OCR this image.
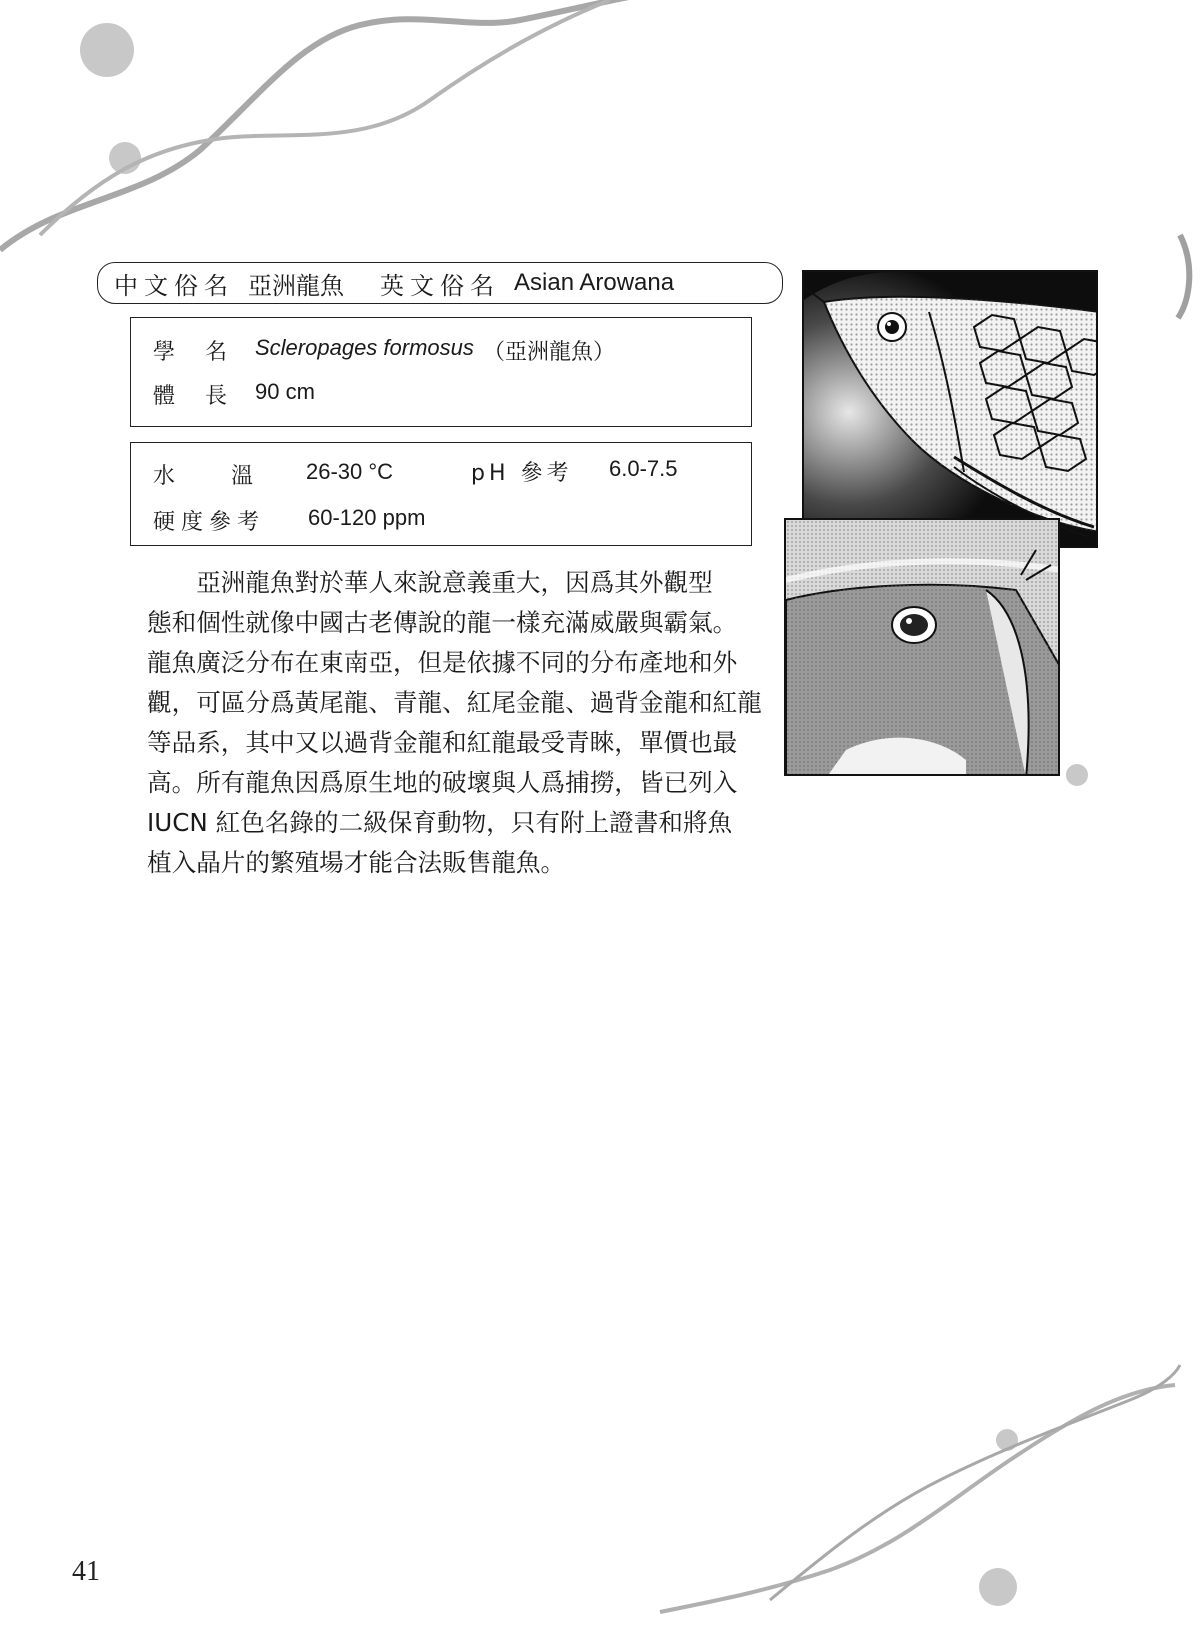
中文俗名 亞洲龍魚 英文俗名 Asian Arowana
學　名 Scleropages formosus （亞洲龍魚）
體　長 90 cm
水　　溫 26-30 °C	pH 參考 6.0-7.5
硬度參考 60-120 ppm

　　亞洲龍魚對於華人來說意義重大，因爲其外觀型
態和個性就像中國古老傳說的龍一樣充滿威嚴與霸氣。
龍魚廣泛分布在東南亞，但是依據不同的分布產地和外
觀，可區分爲黃尾龍、青龍、紅尾金龍、過背金龍和紅龍
等品系，其中又以過背金龍和紅龍最受青睞，單價也最
高。所有龍魚因爲原生地的破壞與人爲捕撈，皆已列入
IUCN 紅色名錄的二級保育動物，只有附上證書和將魚
植入晶片的繁殖場才能合法販售龍魚。

41
